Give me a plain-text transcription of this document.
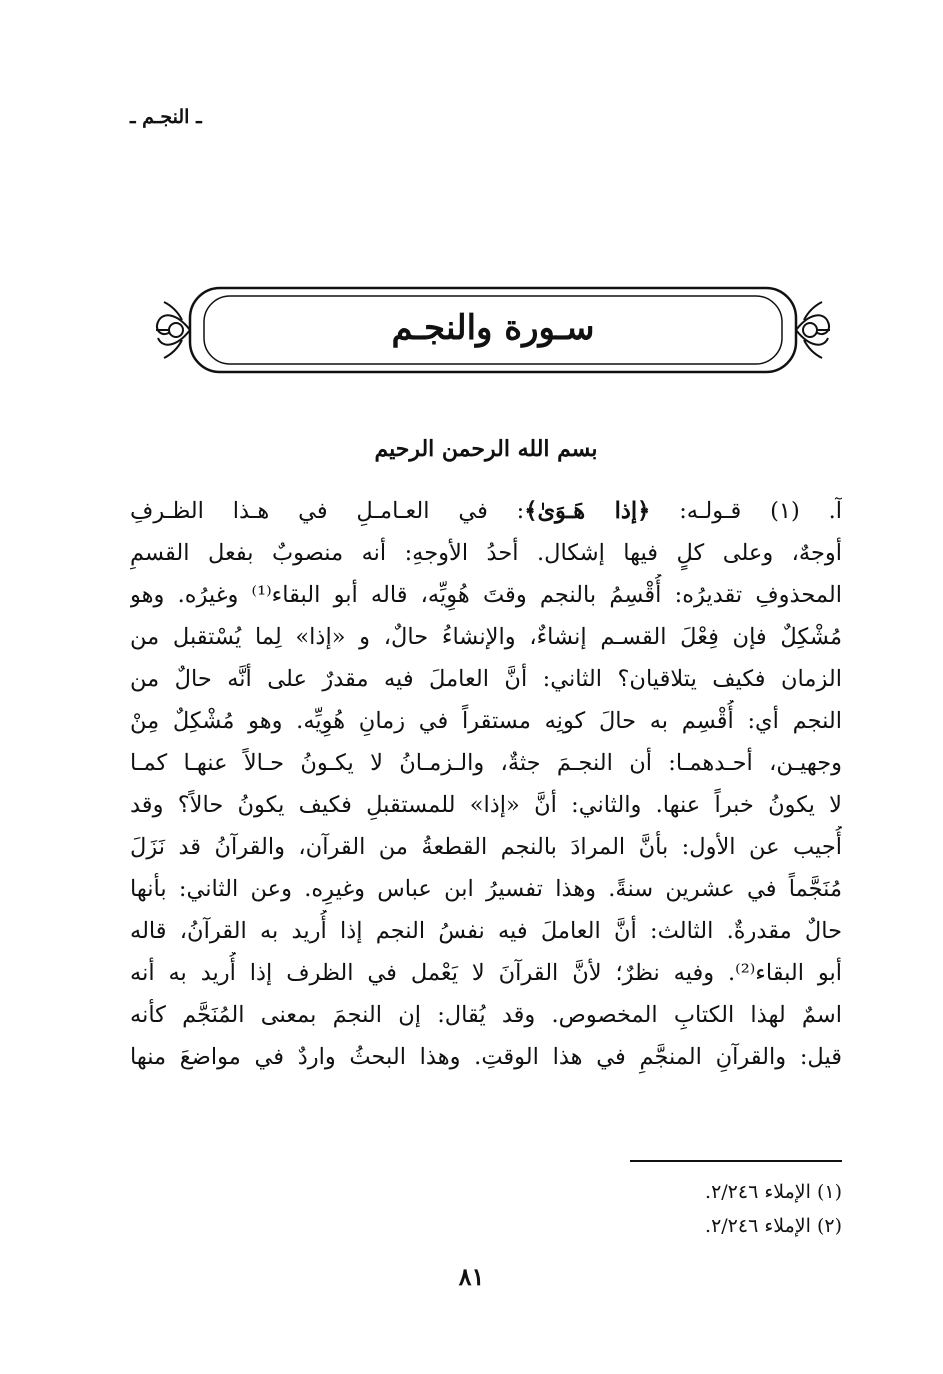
ـ النجـم ـ
سـورة والنجـم
بسم الله الرحمن الرحيم
آ. (١) قـولـه: ﴿إذا هَـوَىٰ﴾: في العـامـلِ في هـذا الظـرفِ
أوجهٌ، وعلى كلٍ فيها إشكال. أحدُ الأوجهِ: أنه منصوبٌ بفعل القسمِ
المحذوفِ تقديرُه: أُقْسِمُ بالنجم وقتَ هُوِيِّه، قاله أبو البقاء⁽¹⁾ وغيرُه. وهو
مُشْكِلٌ فإن فِعْلَ القسـم إنشاءٌ، والإنشاءُ حالٌ، و «إذا» لِما يُسْتقبل من
الزمان فكيف يتلاقيان؟ الثاني: أنَّ العاملَ فيه مقدرٌ على أنَّه حالٌ من
النجم أي: أُقْسِم به حالَ كونِه مستقراً في زمانِ هُوِيِّه. وهو مُشْكِلٌ مِنْ
وجهيـن، أحـدهمـا: أن النجـمَ جثةٌ، والـزمـانُ لا يكـونُ حـالاً عنهـا كمـا
لا يكونُ خبراً عنها. والثاني: أنَّ «إذا» للمستقبلِ فكيف يكونُ حالاً؟ وقد
أُجيب عن الأول: بأنَّ المرادَ بالنجم القطعةُ من القرآن، والقرآنُ قد نَزَلَ
مُنَجَّماً في عشرين سنةً. وهذا تفسيرُ ابن عباس وغيرِه. وعن الثاني: بأنها
حالٌ مقدرةٌ. الثالث: أنَّ العاملَ فيه نفسُ النجم إذا أُريد به القرآنُ، قاله
أبو البقاء⁽²⁾. وفيه نظرٌ؛ لأنَّ القرآنَ لا يَعْمل في الظرف إذا أُريد به أنه
اسمٌ لهذا الكتابِ المخصوص. وقد يُقال: إن النجمَ بمعنى المُنَجَّم كأنه
قيل: والقرآنِ المنجَّمِ في هذا الوقتِ. وهذا البحثُ واردٌ في مواضعَ منها
(١) الإملاء ٢/٢٤٦.
(٢) الإملاء ٢/٢٤٦.
٨١
